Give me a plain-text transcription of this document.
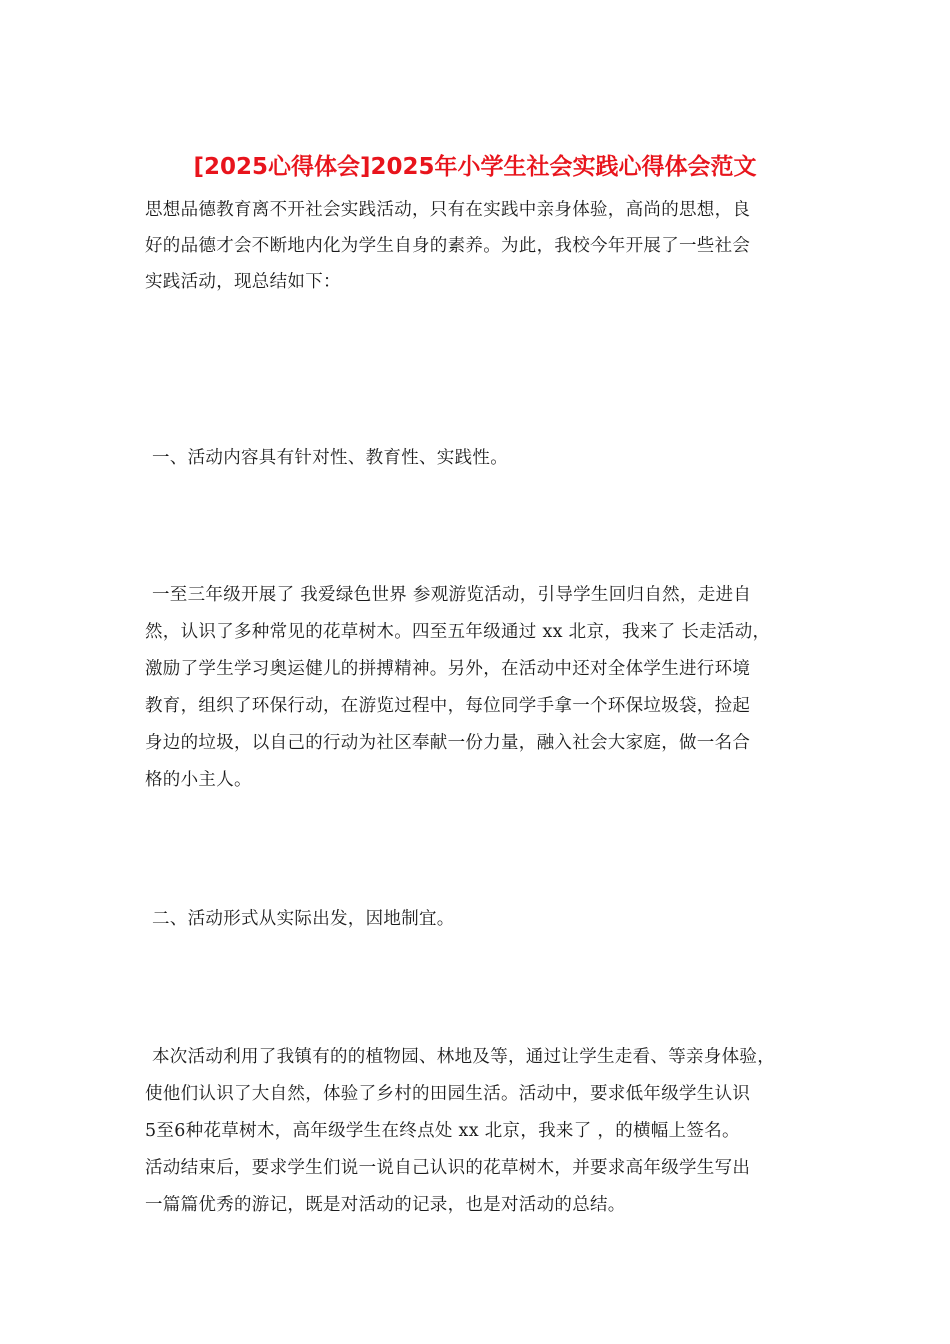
[2025心得体会]2025年小学生社会实践心得体会范文
思想品德教育离不开社会实践活动，只有在实践中亲身体验，高尚的思想，良
好的品德才会不断地内化为学生自身的素养。为此，我校今年开展了一些社会
实践活动，现总结如下：
一、活动内容具有针对性、教育性、实践性。
一至三年级开展了 我爱绿色世界 参观游览活动，引导学生回归自然，走进自
然，认识了多种常见的花草树木。四至五年级通过 xx 北京，我来了 长走活动，
激励了学生学习奥运健儿的拼搏精神。另外，在活动中还对全体学生进行环境
教育，组织了环保行动，在游览过程中，每位同学手拿一个环保垃圾袋，捡起
身边的垃圾，以自己的行动为社区奉献一份力量，融入社会大家庭，做一名合
格的小主人。
二、活动形式从实际出发，因地制宜。
本次活动利用了我镇有的的植物园、林地及等，通过让学生走看、等亲身体验，
使他们认识了大自然，体验了乡村的田园生活。活动中，要求低年级学生认识
5至6种花草树木，高年级学生在终点处 xx 北京，我来了 ，的横幅上签名。
活动结束后，要求学生们说一说自己认识的花草树木，并要求高年级学生写出
一篇篇优秀的游记，既是对活动的记录，也是对活动的总结。
